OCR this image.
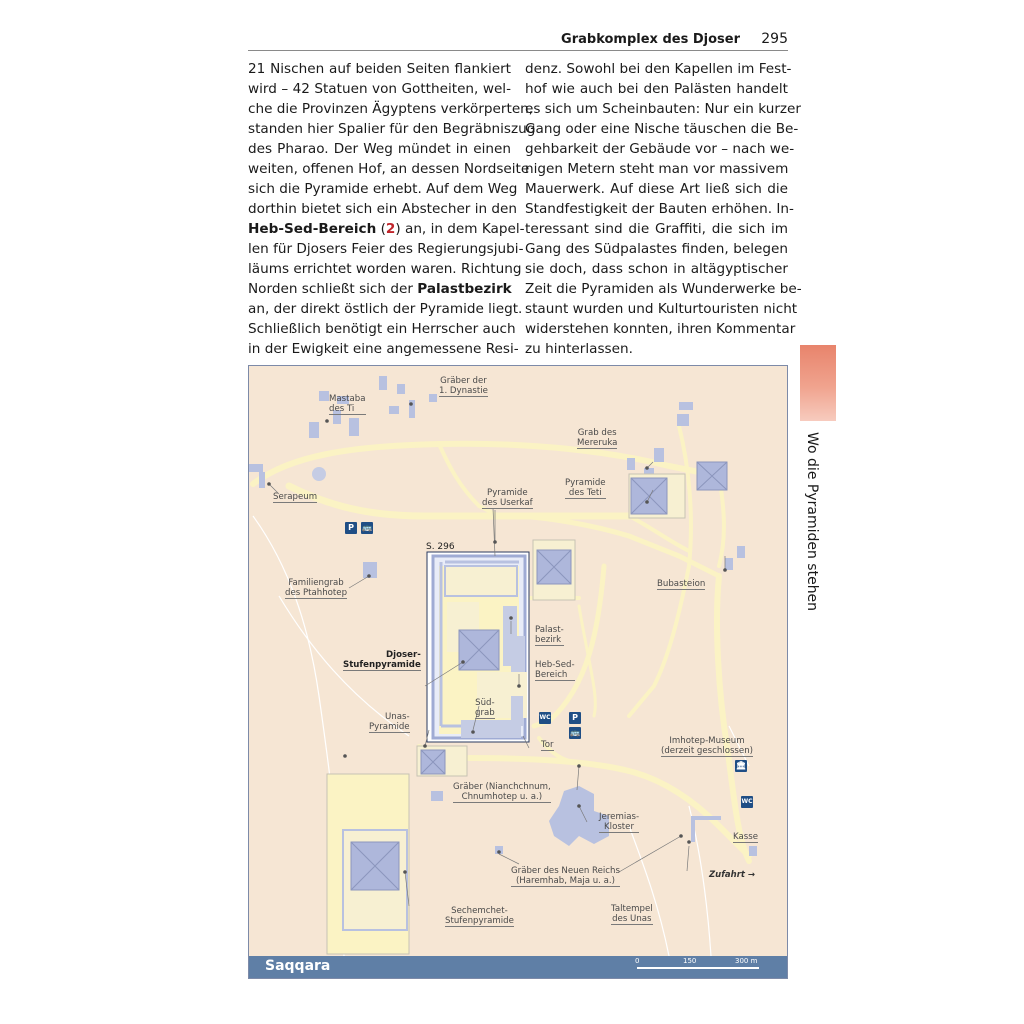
Grabkomplex des Djoser 295
21 Nischen auf beiden Seiten flankiert
wird – 42 Statuen von Gottheiten, wel-
che die Provinzen Ägyptens verkörperten,
standen hier Spalier für den Begräbniszug
des Pharao. Der Weg mündet in einen
weiten, offenen Hof, an dessen Nordseite
sich die Pyramide erhebt. Auf dem Weg
dorthin bietet sich ein Abstecher in den
Heb-Sed-Bereich (2) an, in dem Kapel-
len für Djosers Feier des Regierungsjubi-
läums errichtet worden waren. Richtung
Norden schließt sich der Palastbezirk
an, der direkt östlich der Pyramide liegt.
Schließlich benötigt ein Herrscher auch
in der Ewigkeit eine angemessene Resi-
denz. Sowohl bei den Kapellen im Fest-
hof wie auch bei den Palästen handelt
es sich um Scheinbauten: Nur ein kurzer
Gang oder eine Nische täuschen die Be-
gehbarkeit der Gebäude vor – nach we-
nigen Metern steht man vor massivem
Mauerwerk. Auf diese Art ließ sich die
Standfestigkeit der Bauten erhöhen. In-
teressant sind die Graffiti, die sich im
Gang des Südpalastes finden, belegen
sie doch, dass schon in altägyptischer
Zeit die Pyramiden als Wunderwerke be-
staunt wurden und Kulturtouristen nicht
widerstehen konnten, ihren Kommentar
zu hinterlassen.
Wo die Pyramiden stehen
Mastaba
des Ti
Gräber der
1. Dynastie
Grab des
Mereruka
Pyramide
des Teti
Serapeum	Pyramide
des Userkaf
Bubasteion
Familiengrab
des Ptahhotep
Palast-
bezirk
Djoser-
Stufenpyramide	Heb-Sed-
Bereich
Süd-
grab
Unas-
Pyramide
Tor	Imhotep-Museum
(derzeit geschlossen)
Gräber (Nianchchnum,
Chnumhotep u. a.)
Jeremias-
Kloster
Kasse
Gräber des Neuen Reichs
(Haremhab, Maja u. a.)
Sechemchet-
Stufenpyramide
Taltempel
des Unas
S. 296
Zufahrt →
P	🚌
P
🚌
WC
🏛
WC
Saqqara	0	150	300 m
